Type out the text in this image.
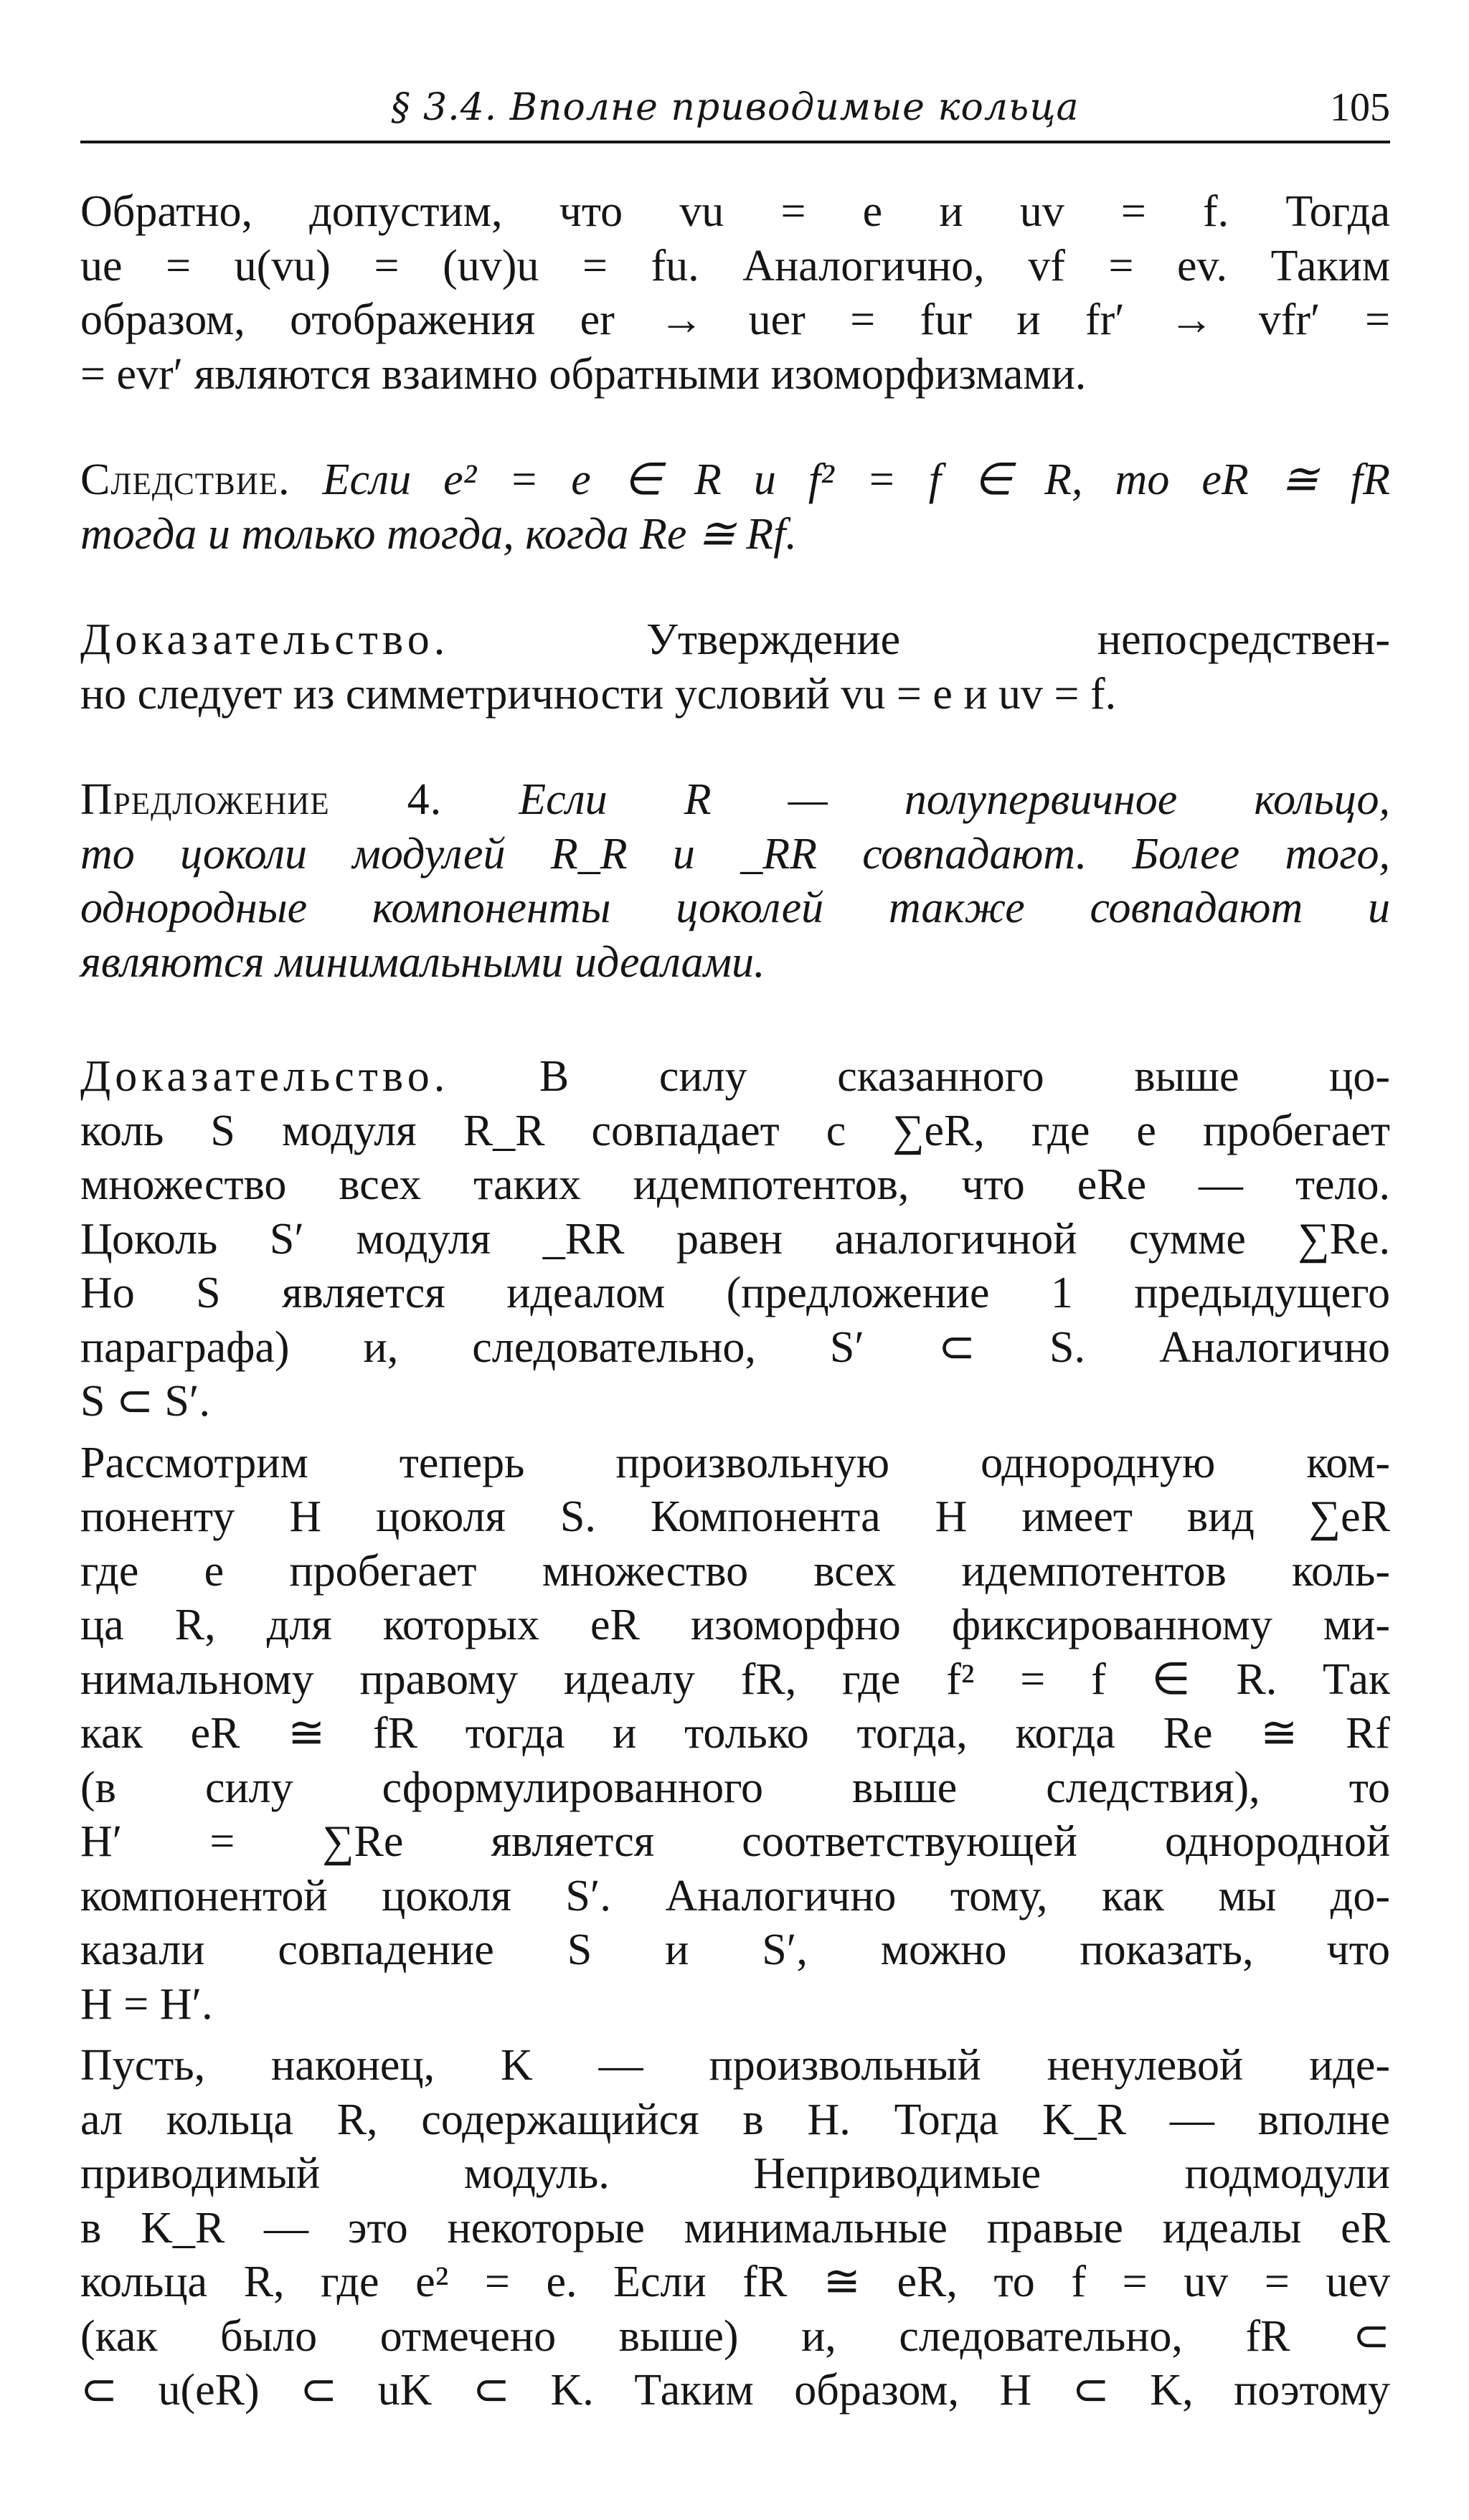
§ 3.4. Вполне приводимые кольца	105
Обратно, допустим, что vu = e и uv = f. Тогда
ue = u(vu) = (uv)u = fu. Аналогично, vf = ev. Таким
образом, отображения er → uer = fur и fr′ → vfr′ =
= evr′ являются взаимно обратными изоморфизмами.
Следствие. Если e² = e ∈ R и f² = f ∈ R, то eR ≅ fR
тогда и только тогда, когда Re ≅ Rf.
Доказательство.	Утверждение непосредствен-
но следует из симметричности условий vu = e и uv = f.
Предложение 4. Если R — полупервичное кольцо,
то цоколи модулей R_R и _RR совпадают. Более того,
однородные компоненты цоколей также совпадают и
являются минимальными идеалами.
Доказательство. В силу сказанного выше цо-
коль S модуля R_R совпадает с ∑eR, где e пробегает
множество всех таких идемпотентов, что eRe — тело.
Цоколь S′ модуля _RR равен аналогичной сумме ∑Re.
Но S является идеалом (предложение 1 предыдущего
параграфа) и, следовательно, S′ ⊂ S. Аналогично
S ⊂ S′.
Рассмотрим теперь произвольную однородную ком-
поненту H цоколя S. Компонента H имеет вид ∑eR
где e пробегает множество всех идемпотентов коль-
ца R, для которых eR изоморфно фиксированному ми-
нимальному правому идеалу fR, где f² = f ∈ R. Так
как eR ≅ fR тогда и только тогда, когда Re ≅ Rf
(в силу сформулированного выше следствия), то
H′ = ∑Re является соответствующей однородной
компонентой цоколя S′. Аналогично тому, как мы до-
казали совпадение S и S′, можно показать, что
H = H′.
Пусть, наконец, K — произвольный ненулевой иде-
ал кольца R, содержащийся в H. Тогда K_R — вполне
приводимый модуль. Неприводимые подмодули
в K_R — это некоторые минимальные правые идеалы eR
кольца R, где e² = e. Если fR ≅ eR, то f = uv = uev
(как было отмечено выше) и, следовательно, fR ⊂
⊂ u(eR) ⊂ uK ⊂ K. Таким образом, H ⊂ K, поэтому
